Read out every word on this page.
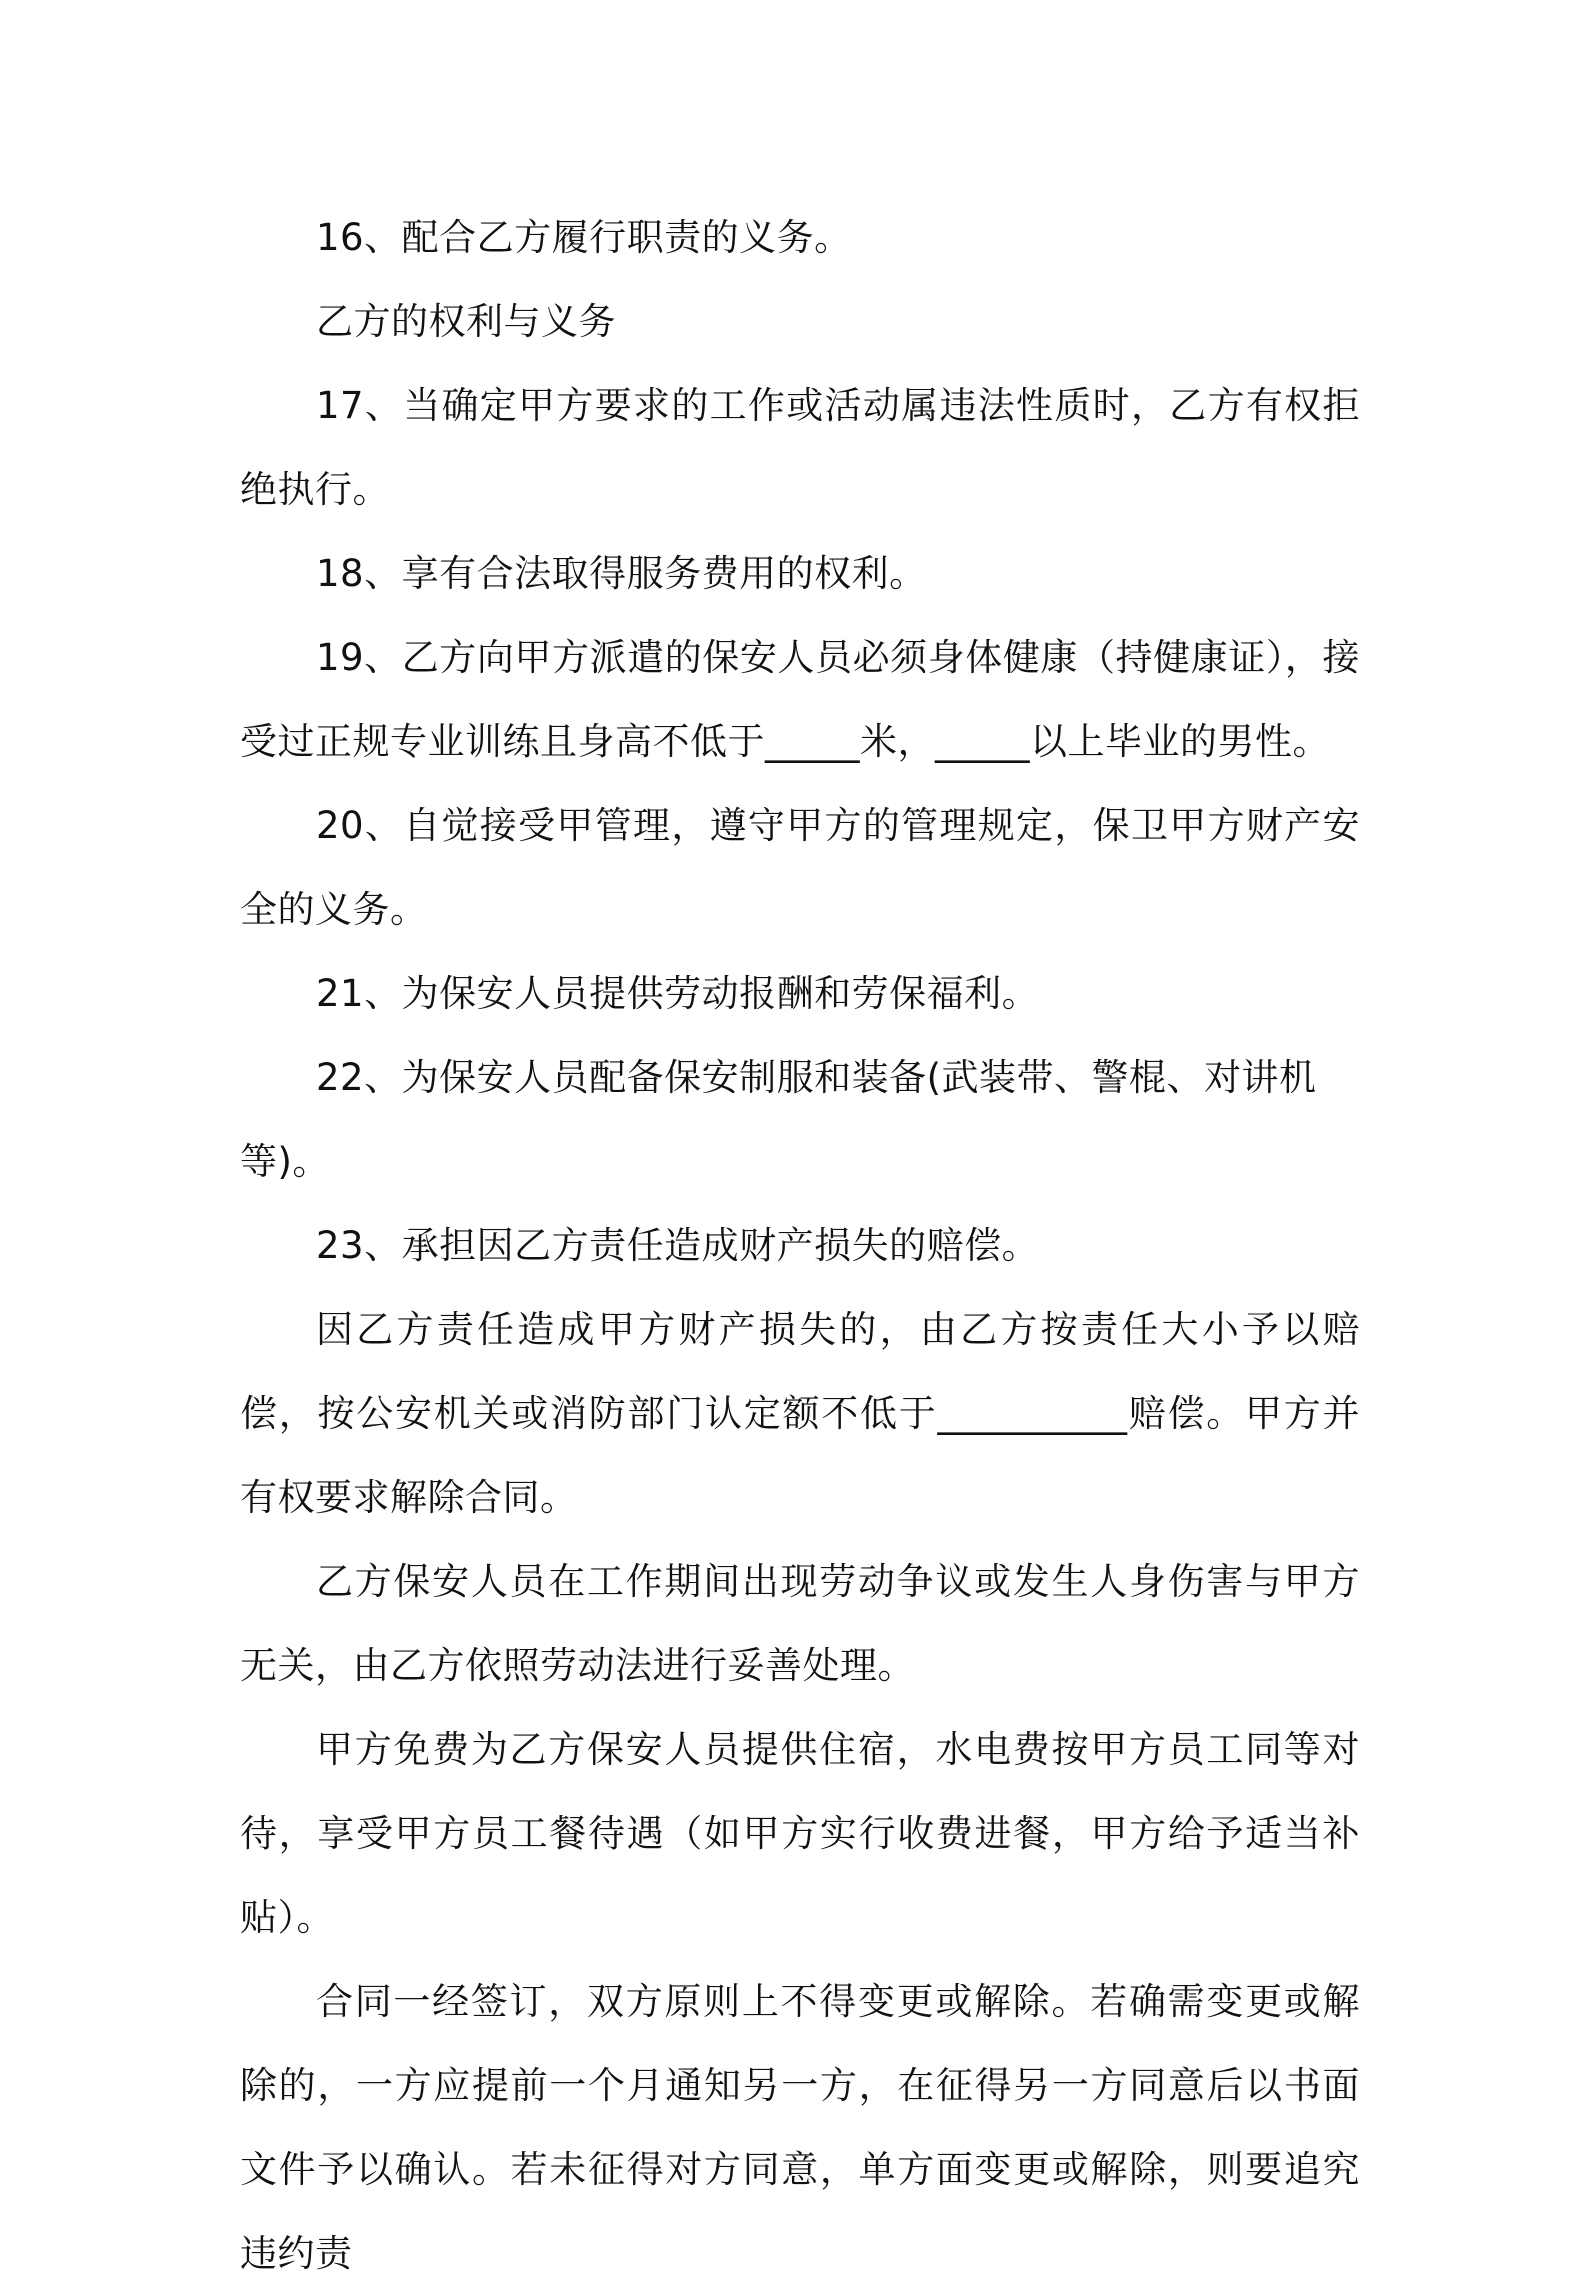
16、配合乙方履行职责的义务。

乙方的权利与义务

17、当确定甲方要求的工作或活动属违法性质时，乙方有权拒绝执行。

18、享有合法取得服务费用的权利。

19、乙方向甲方派遣的保安人员必须身体健康（持健康证），接受过正规专业训练且身高不低于_____米，_____以上毕业的男性。

20、自觉接受甲管理，遵守甲方的管理规定，保卫甲方财产安全的义务。

21、为保安人员提供劳动报酬和劳保福利。

22、为保安人员配备保安制服和装备(武装带、警棍、对讲机等)。

23、承担因乙方责任造成财产损失的赔偿。

因乙方责任造成甲方财产损失的，由乙方按责任大小予以赔偿，按公安机关或消防部门认定额不低于__________赔偿。甲方并有权要求解除合同。

乙方保安人员在工作期间出现劳动争议或发生人身伤害与甲方无关，由乙方依照劳动法进行妥善处理。

甲方免费为乙方保安人员提供住宿，水电费按甲方员工同等对待，享受甲方员工餐待遇（如甲方实行收费进餐，甲方给予适当补贴）。

合同一经签订，双方原则上不得变更或解除。若确需变更或解除的，一方应提前一个月通知另一方，在征得另一方同意后以书面文件予以确认。若未征得对方同意，单方面变更或解除，则要追究违约责
